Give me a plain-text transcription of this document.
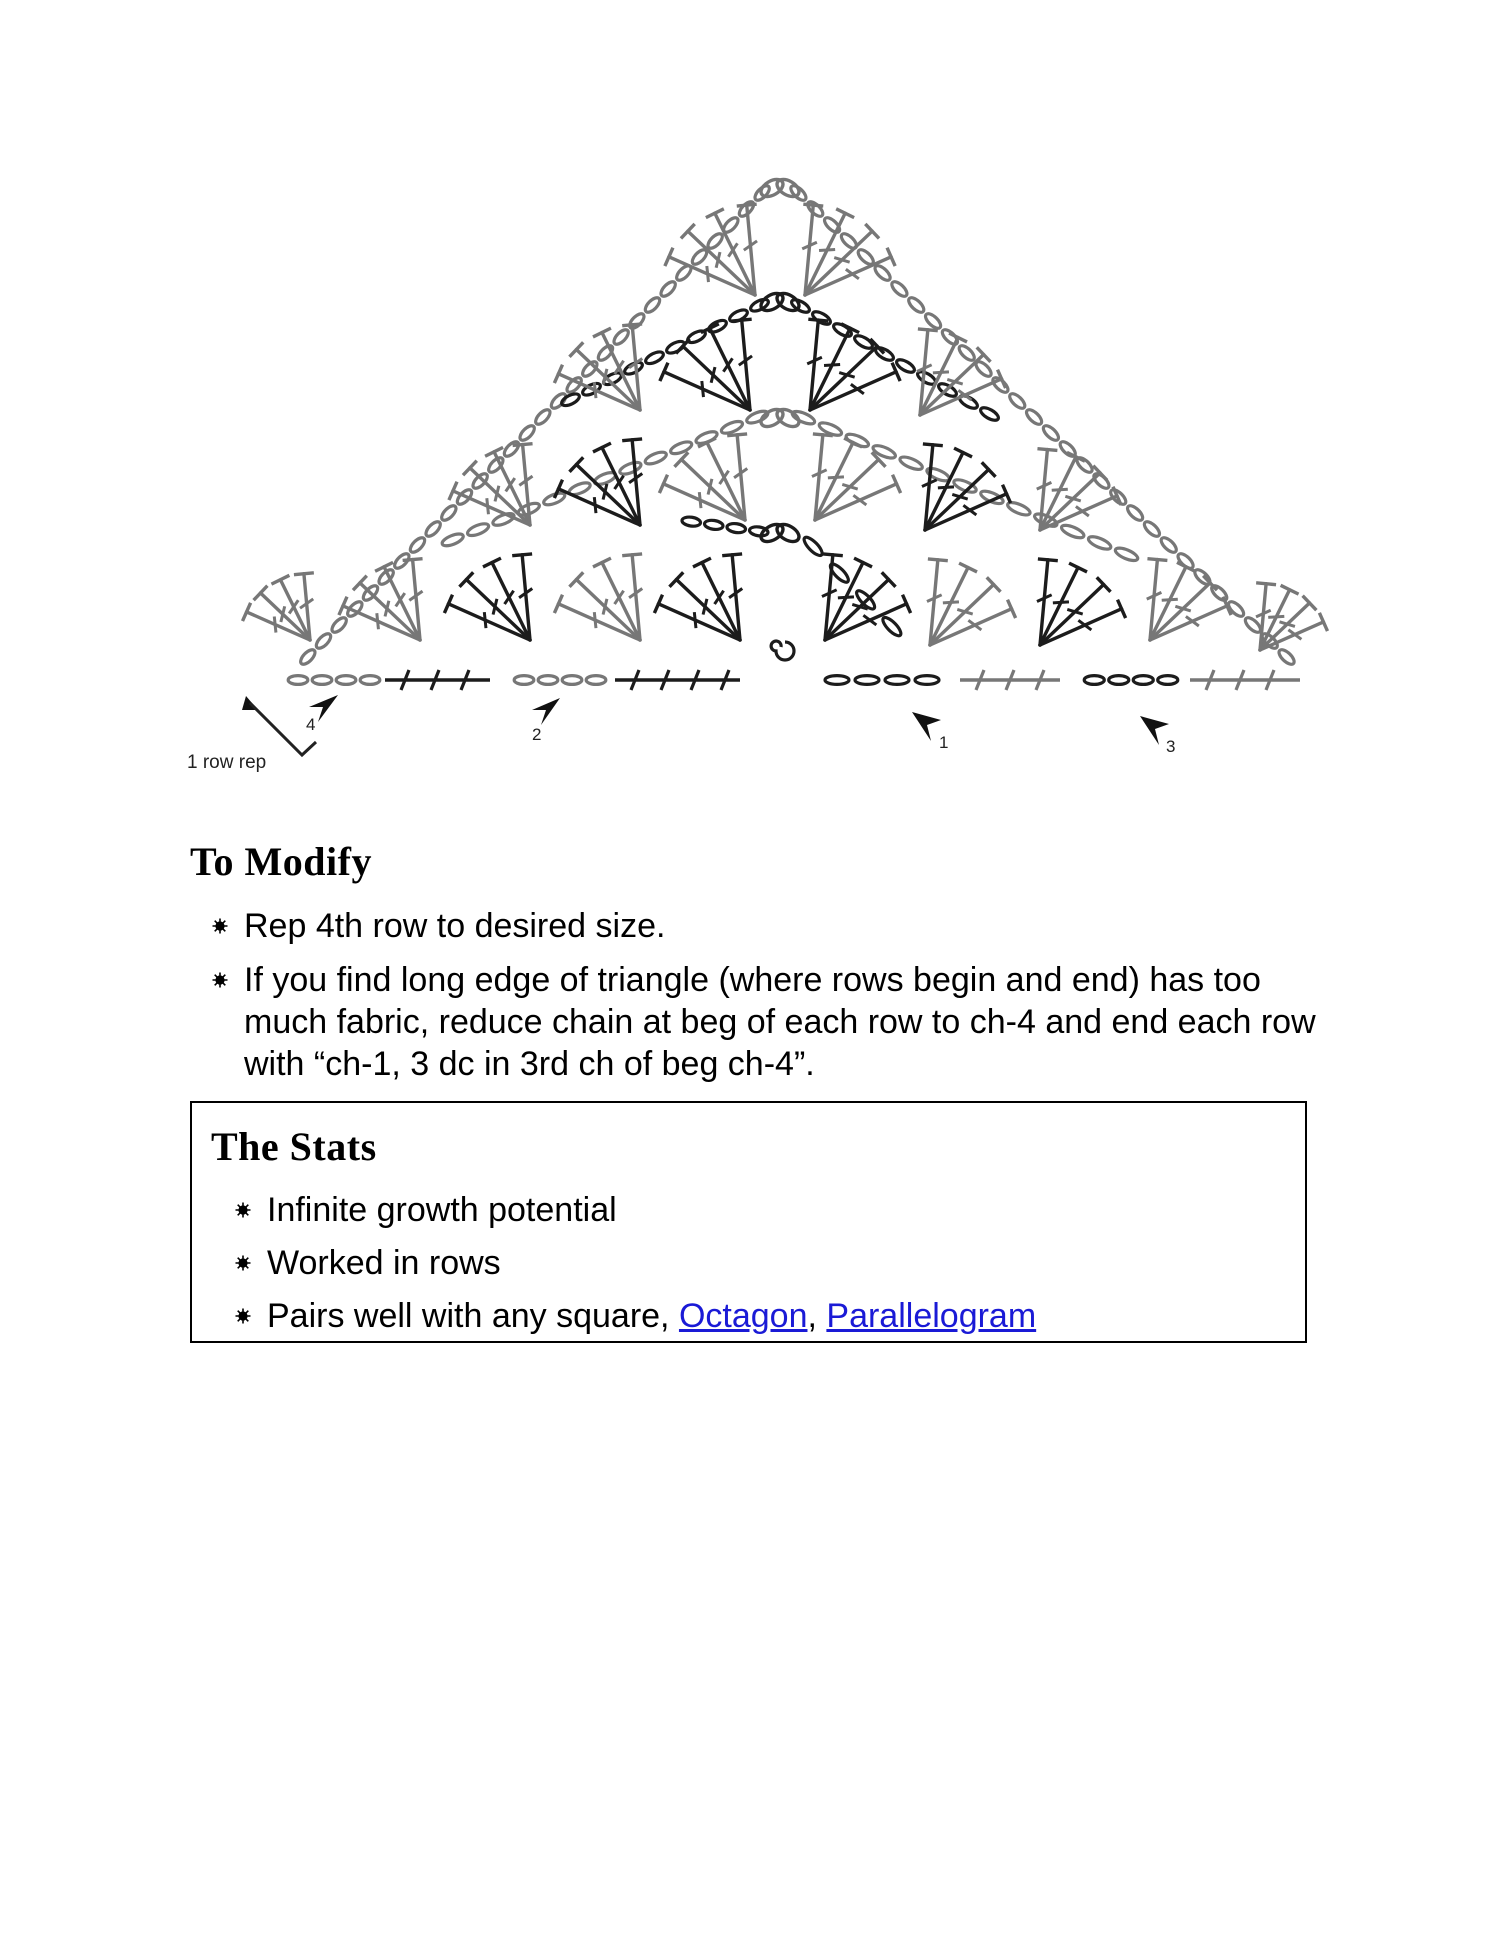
4
2	1	3
1 row rep
To Modify
Rep 4th row to desired size.
If you find long edge of triangle (where rows begin and end) has too much fabric, reduce chain at beg of each row to ch-4 and end each row with “ch-1, 3 dc in 3rd ch of beg ch-4”.
The Stats
Infinite growth potential
Worked in rows
Pairs well with any square, Octagon, Parallelogram
